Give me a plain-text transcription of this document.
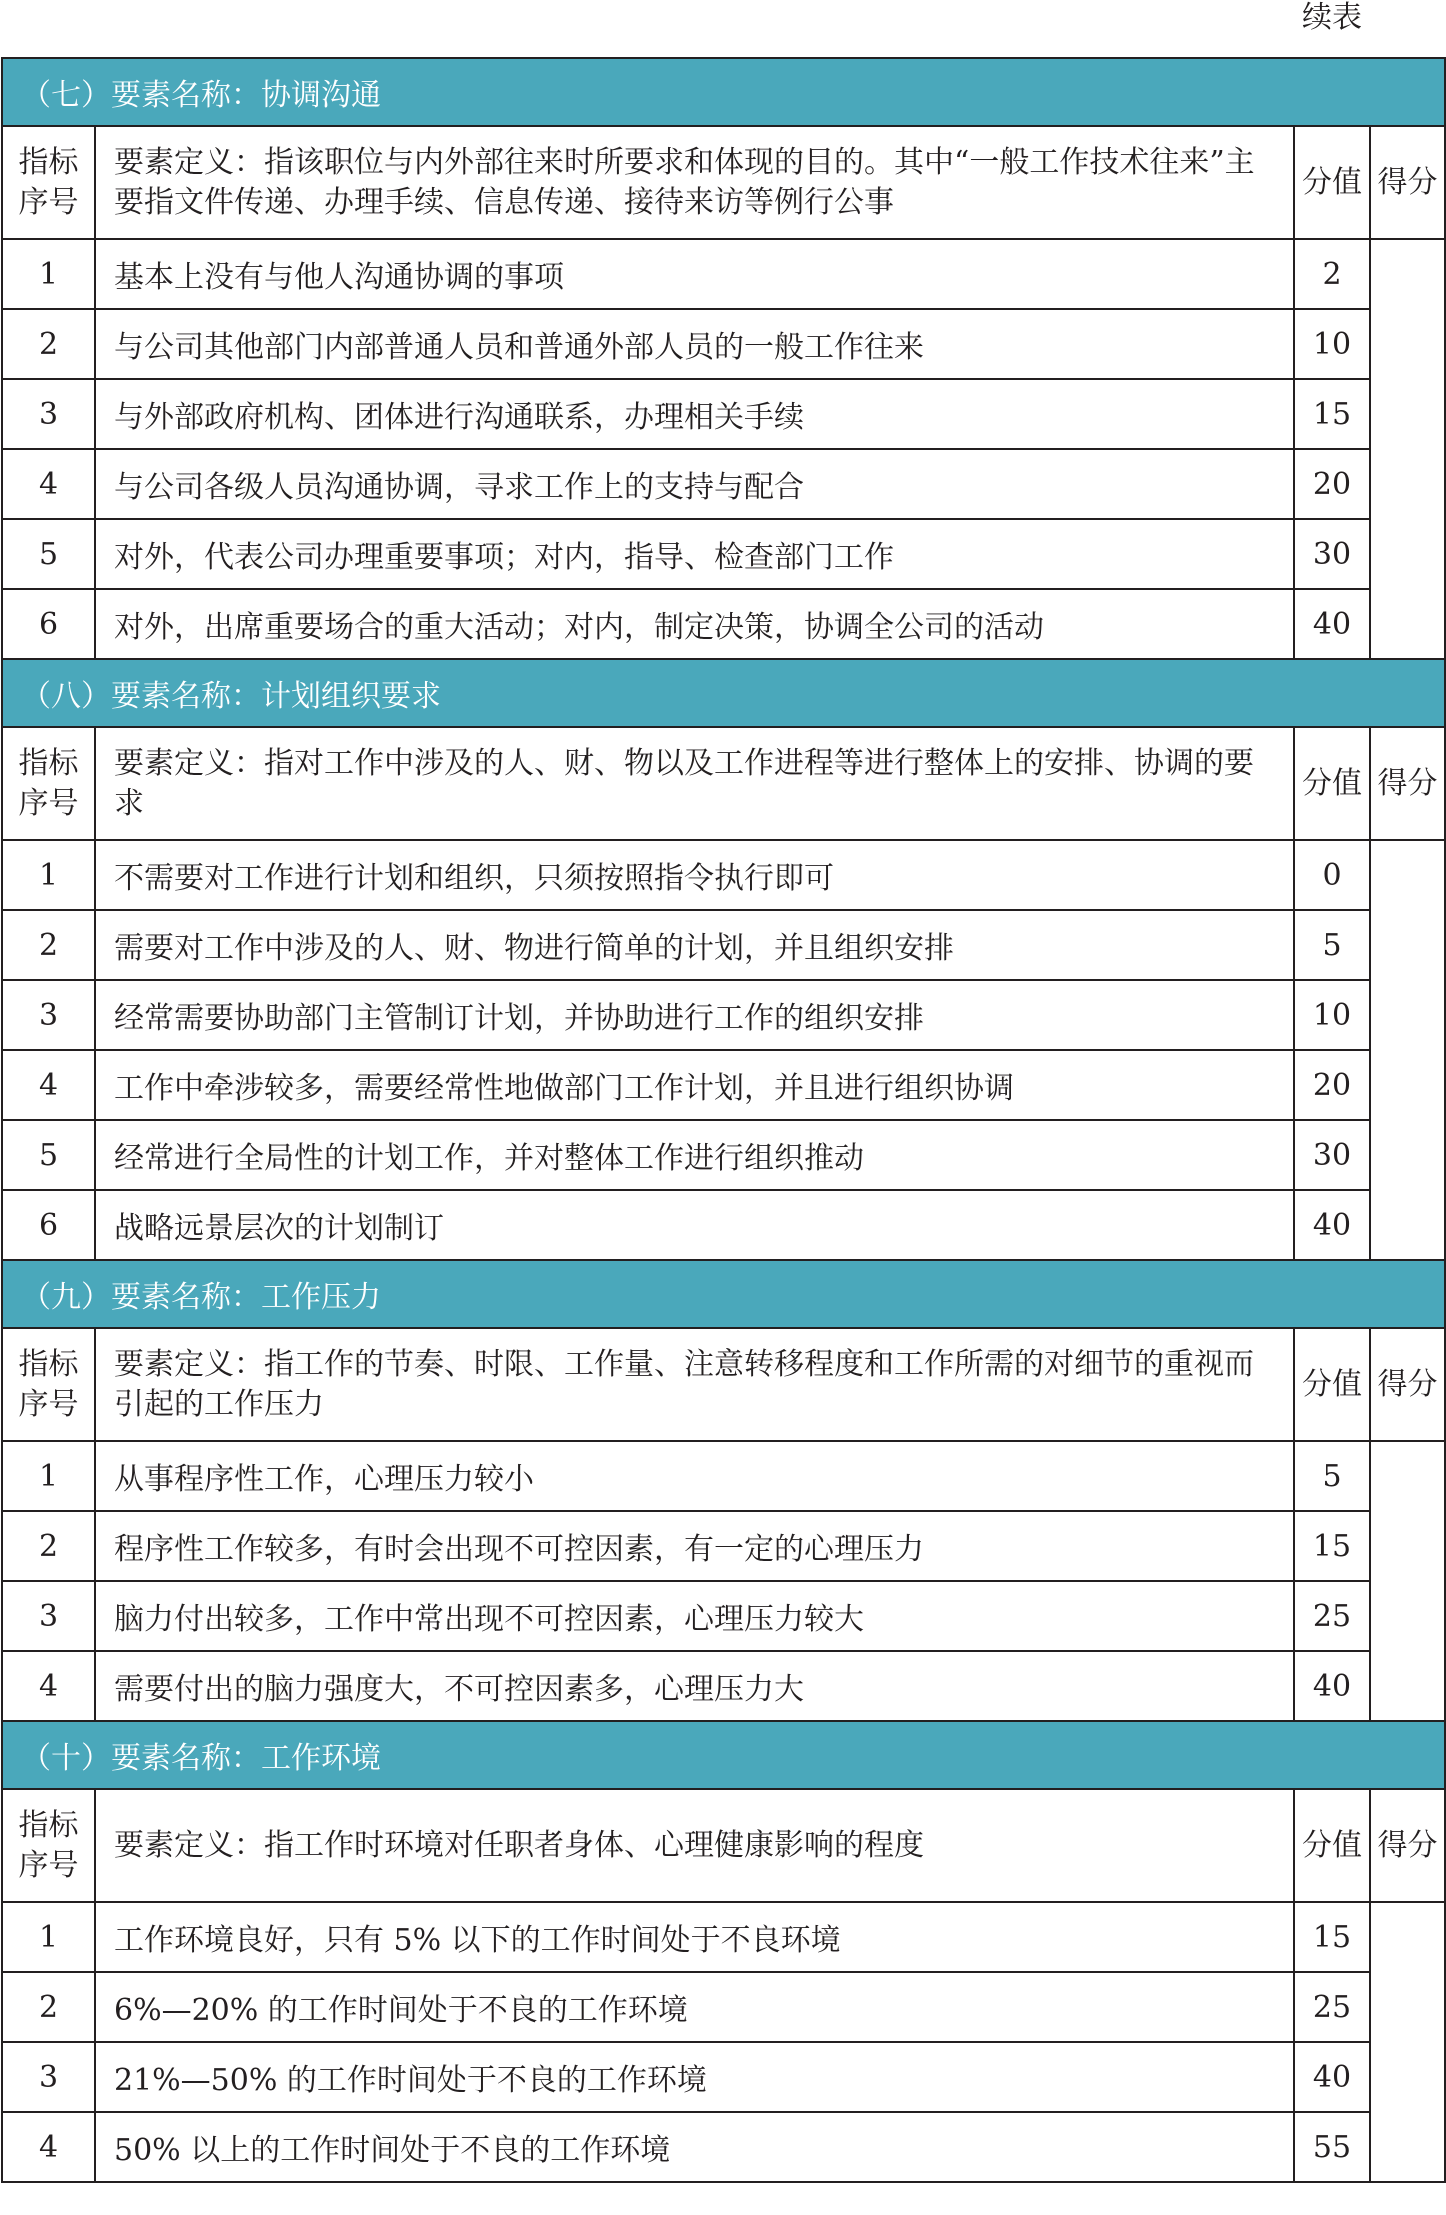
续表
（七）要素名称：协调沟通			

指标
序号	要素定义：指该职位与内外部往来时所要求和体现的目的。其中“一般工作技术往来”主要指文件传递、办理手续、信息传递、接待来访等例行公事	分值	得分
1	基本上没有与他人沟通协调的事项	2	
2	与公司其他部门内部普通人员和普通外部人员的一般工作往来	10	
3	与外部政府机构、团体进行沟通联系，办理相关手续	15	
4	与公司各级人员沟通协调，寻求工作上的支持与配合	20	
5	对外，代表公司办理重要事项；对内，指导、检查部门工作	30	
6	对外，出席重要场合的重大活动；对内，制定决策，协调全公司的活动	40	
（八）要素名称：计划组织要求			

指标
序号	要素定义：指对工作中涉及的人、财、物以及工作进程等进行整体上的安排、协调的要求	分值	得分
1	不需要对工作进行计划和组织，只须按照指令执行即可	0	
2	需要对工作中涉及的人、财、物进行简单的计划，并且组织安排	5	
3	经常需要协助部门主管制订计划，并协助进行工作的组织安排	10	
4	工作中牵涉较多，需要经常性地做部门工作计划，并且进行组织协调	20	
5	经常进行全局性的计划工作，并对整体工作进行组织推动	30	
6	战略远景层次的计划制订	40	
（九）要素名称：工作压力			

指标
序号	要素定义：指工作的节奏、时限、工作量、注意转移程度和工作所需的对细节的重视而引起的工作压力	分值	得分
1	从事程序性工作，心理压力较小	5	
2	程序性工作较多，有时会出现不可控因素，有一定的心理压力	15	
3	脑力付出较多，工作中常出现不可控因素，心理压力较大	25	
4	需要付出的脑力强度大，不可控因素多，心理压力大	40	
（十）要素名称：工作环境			

指标
序号	要素定义：指工作时环境对任职者身体、心理健康影响的程度	分值	得分
1	工作环境良好，只有 5% 以下的工作时间处于不良环境	15	
2	6%—20% 的工作时间处于不良的工作环境	25	
3	21%—50% 的工作时间处于不良的工作环境	40	
4	50% 以上的工作时间处于不良的工作环境	55	
